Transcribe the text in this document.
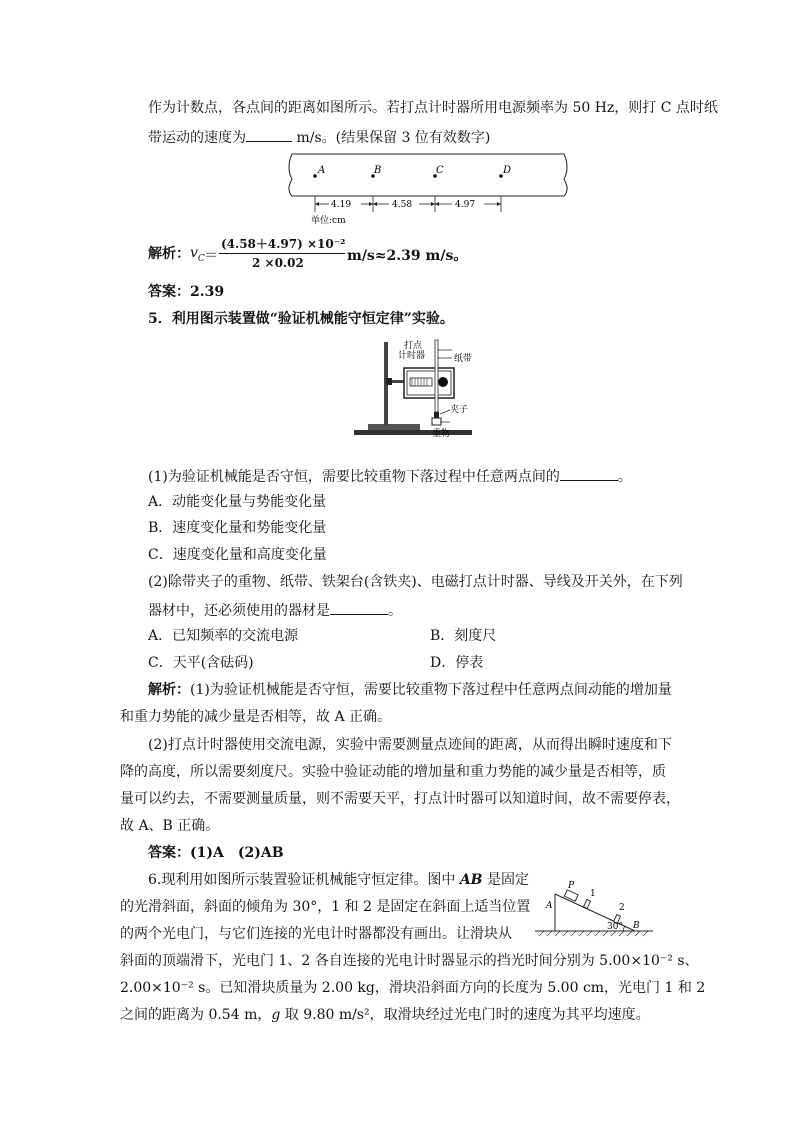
作为计数点，各点间的距离如图所示。若打点计时器所用电源频率为 50 Hz，则打 C 点时纸
带运动的速度为	m/s。(结果保留 3 位有效数字)
A	B	C	D
4.19	4.58	4.97
单位:cm
解析： $v_C$ ＝
(4.58＋4.97) ×10⁻²
2 ×0.02	m/s≈2.39 m/s。
答案：2.39
5．利用图示装置做“验证机械能守恒定律”实验。
打点
计时器	纸带
夹子
重物
(1)为验证机械能是否守恒，需要比较重物下落过程中任意两点间的	。
A．动能变化量与势能变化量
B．速度变化量和势能变化量
C．速度变化量和高度变化量
(2)除带夹子的重物、纸带、铁架台(含铁夹)、电磁打点计时器、导线及开关外，在下列
器材中，还必须使用的器材是	。
A．已知频率的交流电源	B．刻度尺
C．天平(含砝码)	D．停表
解析：(1)为验证机械能是否守恒，需要比较重物下落过程中任意两点间动能的增加量
和重力势能的减少量是否相等，故 A 正确。
(2)打点计时器使用交流电源，实验中需要测量点迹间的距离，从而得出瞬时速度和下
降的高度，所以需要刻度尺。实验中验证动能的增加量和重力势能的减少量是否相等，质
量可以约去，不需要测量质量，则不需要天平，打点计时器可以知道时间，故不需要停表，
故 A、B 正确。
答案：(1)A　(2)AB
6.现利用如图所示装置验证机械能守恒定律。图中 AB 是固定
的光滑斜面，斜面的倾角为 30°，1 和 2 是固定在斜面上适当位置
的两个光电门，与它们连接的光电计时器都没有画出。让滑块从
斜面的顶端滑下，光电门 1、2 各自连接的光电计时器显示的挡光时间分别为 5.00×10⁻² s、
2.00×10⁻² s。已知滑块质量为 2.00 kg，滑块沿斜面方向的长度为 5.00 cm，光电门 1 和 2
之间的距离为 0.54 m，g 取 9.80 m/s²，取滑块经过光电门时的速度为其平均速度。
A
B
P
1
2
30°
